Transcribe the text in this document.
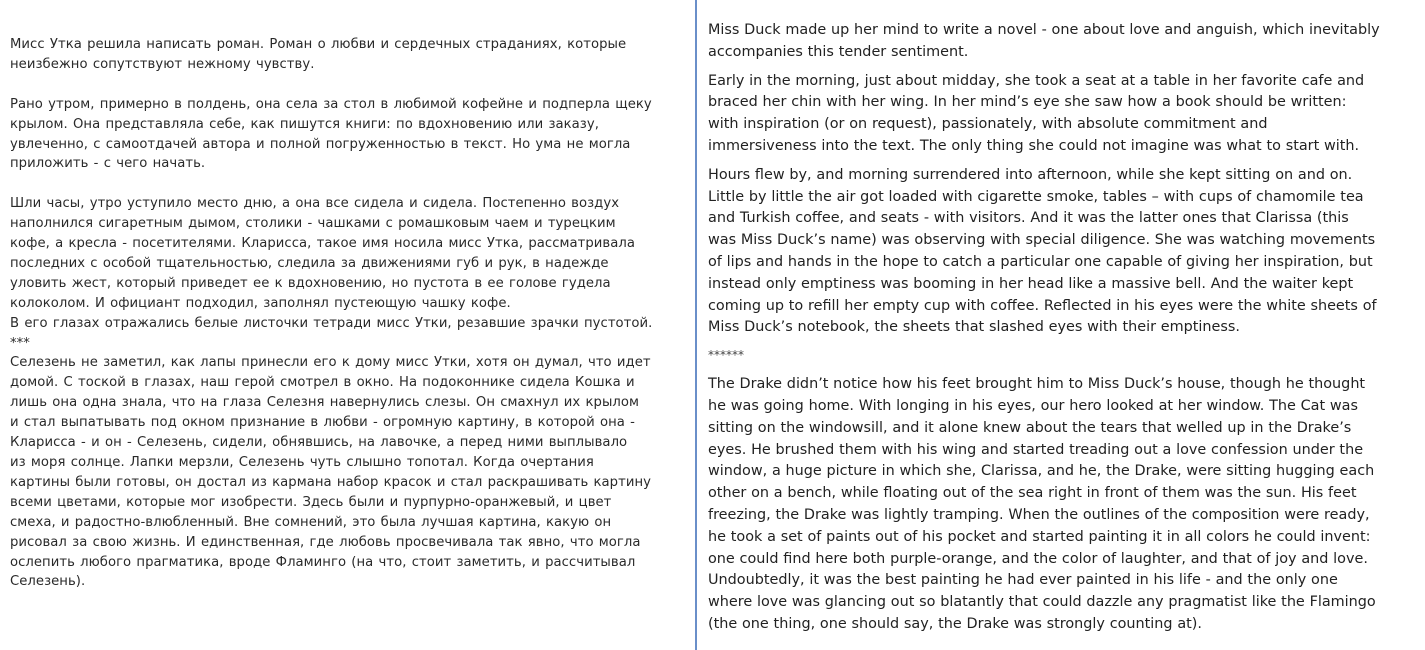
Мисс Утка решила написать роман. Роман о любви и сердечных страданиях, которые
неизбежно сопутствуют нежному чувству.

Рано утром, примерно в полдень, она села за стол в любимой кофейне и подперла щеку
крылом. Она представляла себе, как пишутся книги: по вдохновению или заказу,
увлеченно, с самоотдачей автора и полной погруженностью в текст. Но ума не могла
приложить - с чего начать.

Шли часы, утро уступило место дню, а она все сидела и сидела. Постепенно воздух
наполнился сигаретным дымом, столики - чашками с ромашковым чаем и турецким
кофе, а кресла - посетителями. Кларисса, такое имя носила мисс Утка, рассматривала
последних с особой тщательностью, следила за движениями губ и рук, в надежде
уловить жест, который приведет ее к вдохновению, но пустота в ее голове гудела
колоколом. И официант подходил, заполнял пустеющую чашку кофе.
В его глазах отражались белые листочки тетради мисс Утки, резавшие зрачки пустотой.
***
Селезень не заметил, как лапы принесли его к дому мисс Утки, хотя он думал, что идет
домой. С тоской в глазах, наш герой смотрел в окно. На подоконнике сидела Кошка и
лишь она одна знала, что на глаза Селезня навернулись слезы. Он смахнул их крылом
и стал выпатывать под окном признание в любви - огромную картину, в которой она -
Кларисса - и он - Селезень, сидели, обнявшись, на лавочке, а перед ними выплывало
из моря солнце. Лапки мерзли, Селезень чуть слышно топотал. Когда очертания
картины были готовы, он достал из кармана набор красок и стал раскрашивать картину
всеми цветами, которые мог изобрести. Здесь были и пурпурно-оранжевый, и цвет
смеха, и радостно-влюбленный. Вне сомнений, это была лучшая картина, какую он
рисовал за свою жизнь. И единственная, где любовь просвечивала так явно, что могла
ослепить любого прагматика, вроде Фламинго (на что, стоит заметить, и рассчитывал
Селезень).

Miss Duck made up her mind to write a novel - one about love and anguish, which inevitably
accompanies this tender sentiment.

Early in the morning, just about midday, she took a seat at a table in her favorite cafe and
braced her chin with her wing. In her mind’s eye she saw how a book should be written:
with inspiration (or on request), passionately, with absolute commitment and
immersiveness into the text. The only thing she could not imagine was what to start with.

Hours flew by, and morning surrendered into afternoon, while she kept sitting on and on.
Little by little the air got loaded with cigarette smoke, tables – with cups of chamomile tea
and Turkish coffee, and seats - with visitors. And it was the latter ones that Clarissa (this
was Miss Duck’s name) was observing with special diligence. She was watching movements
of lips and hands in the hope to catch a particular one capable of giving her inspiration, but
instead only emptiness was booming in her head like a massive bell. And the waiter kept
coming up to refill her empty cup with coffee. Reflected in his eyes were the white sheets of
Miss Duck’s notebook, the sheets that slashed eyes with their emptiness.

******

The Drake didn’t notice how his feet brought him to Miss Duck’s house, though he thought
he was going home. With longing in his eyes, our hero looked at her window. The Cat was
sitting on the windowsill, and it alone knew about the tears that welled up in the Drake’s
eyes. He brushed them with his wing and started treading out a love confession under the
window, a huge picture in which she, Clarissa, and he, the Drake, were sitting hugging each
other on a bench, while floating out of the sea right in front of them was the sun. His feet
freezing, the Drake was lightly tramping. When the outlines of the composition were ready,
he took a set of paints out of his pocket and started painting it in all colors he could invent:
one could find here both purple-orange, and the color of laughter, and that of joy and love.
Undoubtedly, it was the best painting he had ever painted in his life - and the only one
where love was glancing out so blatantly that could dazzle any pragmatist like the Flamingo
(the one thing, one should say, the Drake was strongly counting at).
